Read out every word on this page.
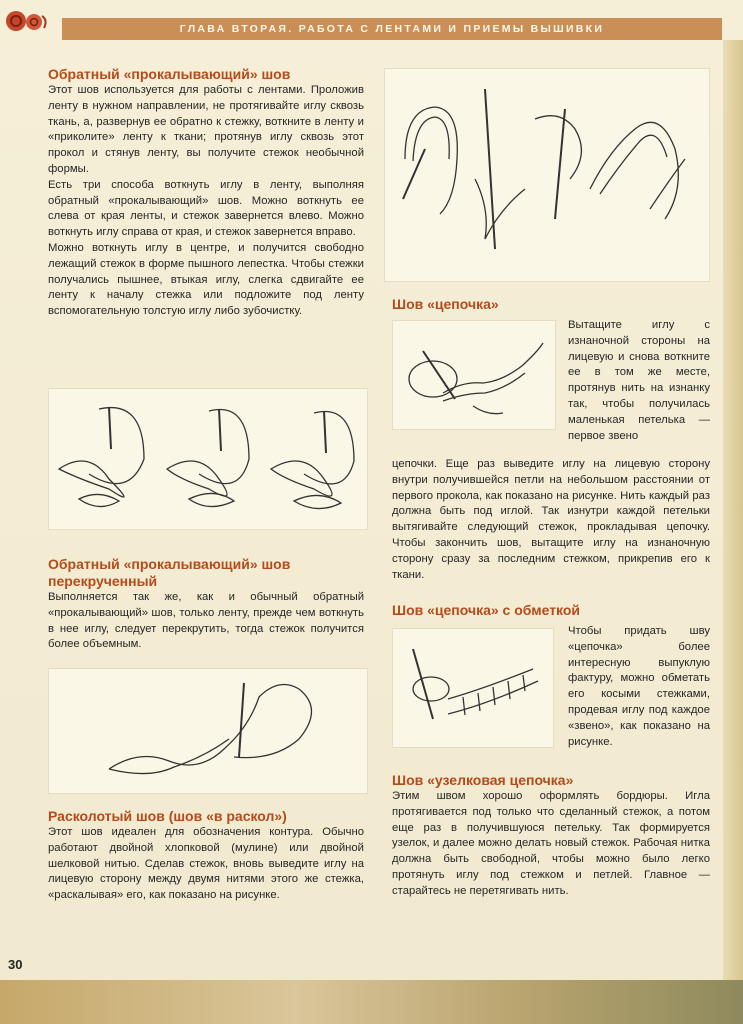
ГЛАВА ВТОРАЯ. РАБОТА С ЛЕНТАМИ И ПРИЕМЫ ВЫШИВКИ
Обратный «прокалывающий» шов

Этот шов используется для работы с лентами. Проложив ленту в нужном направлении, не протягивайте иглу сквозь ткань, а, развернув ее обратно к стежку, воткните в ленту и «приколите» ленту к ткани; протянув иглу сквозь этот прокол и стянув ленту, вы получите стежок необычной формы.

Есть три способа воткнуть иглу в ленту, выполняя обратный «прокалывающий» шов. Можно воткнуть ее слева от края ленты, и стежок завернется влево. Можно воткнуть иглу справа от края, и стежок завернется вправо.

Можно воткнуть иглу в центре, и получится свободно лежащий стежок в форме пышного лепестка. Чтобы стежки получались пышнее, втыкая иглу, слегка сдвигайте ее ленту к началу стежка или подложите под ленту вспомогательную толстую иглу либо зубочистку.

Обратный «прокалывающий» шов перекрученный

Выполняется так же, как и обычный обратный «прокалывающий» шов, только ленту, прежде чем воткнуть в нее иглу, следует перекрутить, тогда стежок получится более объемным.

Расколотый шов (шов «в раскол»)

Этот шов идеален для обозначения контура. Обычно работают двойной хлопковой (мулине) или двойной шелковой нитью. Сделав стежок, вновь выведите иглу на лицевую сторону между двумя нитями этого же стежка, «раскалывая» его, как показано на рисунке.

Шов «цепочка»

Вытащите иглу с изнаночной стороны на лицевую и снова воткните ее в том же месте, протянув нить на изнанку так, чтобы получилась маленькая петелька — первое звено

цепочки. Еще раз выведите иглу на лицевую сторону внутри получившейся петли на небольшом расстоянии от первого прокола, как показано на рисунке. Нить каждый раз должна быть под иглой. Так изнутри каждой петельки вытягивайте следующий стежок, прокладывая цепочку. Чтобы закончить шов, вытащите иглу на изнаночную сторону сразу за последним стежком, прикрепив его к ткани.

Шов «цепочка» с обметкой

Чтобы придать шву «цепочка» более интересную выпуклую фактуру, можно обметать его косыми стежками, продевая иглу под каждое «звено», как показано на рисунке.

Шов «узелковая цепочка»

Этим швом хорошо оформлять бордюры. Игла протягивается под только что сделанный стежок, а потом еще раз в получившуюся петельку. Так формируется узелок, и далее можно делать новый стежок. Рабочая нитка должна быть свободной, чтобы можно было легко протянуть иглу под стежком и петлей. Главное — старайтесь не перетягивать нить.

30
